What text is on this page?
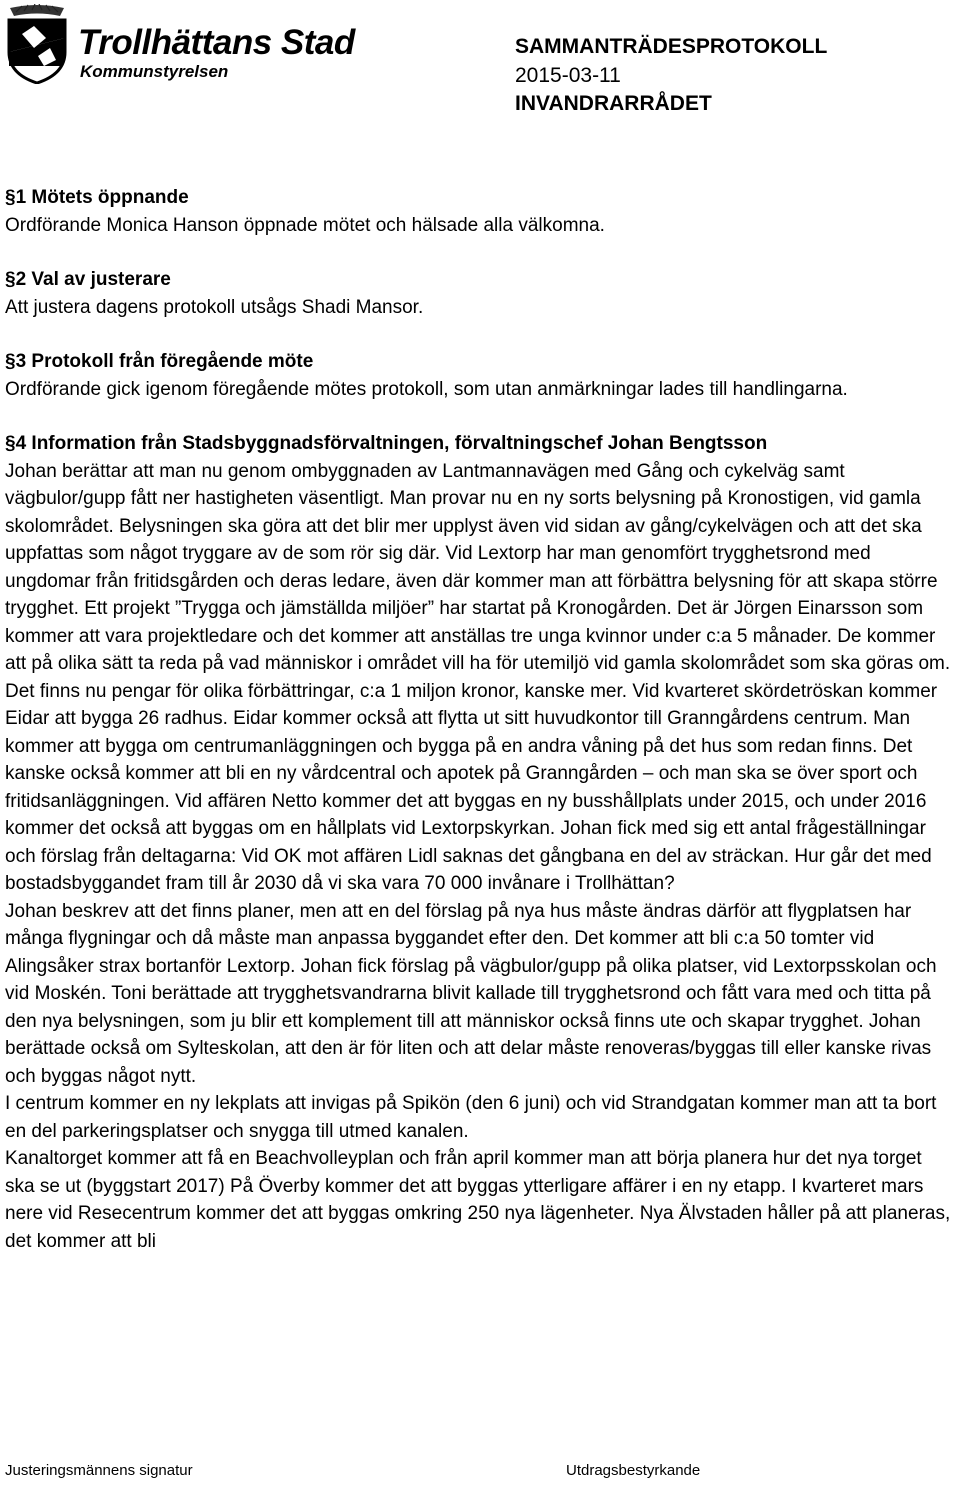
Trollhättans Stad
Kommunstyrelsen
SAMMANTRÄDESPROTOKOLL
2015-03-11
INVANDRARRÅDET
§1 Mötets öppnande

Ordförande Monica Hanson öppnade mötet och hälsade alla välkomna.

§2 Val av justerare

Att justera dagens protokoll utsågs Shadi Mansor.

§3 Protokoll från föregående möte

Ordförande gick igenom föregående mötes protokoll, som utan anmärkningar lades till handlingarna.

§4 Information från Stadsbyggnadsförvaltningen, förvaltningschef Johan Bengtsson

Johan berättar att man nu genom ombyggnaden av Lantmannavägen med Gång och cykelväg samt vägbulor/gupp fått ner hastigheten väsentligt. Man provar nu en ny sorts belysning på Kronostigen, vid gamla skolområdet. Belysningen ska göra att det blir mer upplyst även vid sidan av gång/cykelvägen och att det ska uppfattas som något tryggare av de som rör sig där. Vid Lextorp har man genomfört trygghetsrond med ungdomar från fritidsgården och deras ledare, även där kommer man att förbättra belysning för att skapa större trygghet. Ett projekt ”Trygga och jämställda miljöer” har startat på Kronogården. Det är Jörgen Einarsson som kommer att vara projektledare och det kommer att anställas tre unga kvinnor under c:a 5 månader. De kommer att på olika sätt ta reda på vad människor i området vill ha för utemiljö vid gamla skolområdet som ska göras om. Det finns nu pengar för olika förbättringar, c:a 1 miljon kronor, kanske mer. Vid kvarteret skördetröskan kommer Eidar att bygga 26 radhus. Eidar kommer också att flytta ut sitt huvudkontor till Granngårdens centrum. Man kommer att bygga om centrumanläggningen och bygga på en andra våning på det hus som redan finns. Det kanske också kommer att bli en ny vårdcentral och apotek på Granngården – och man ska se över sport och fritidsanläggningen. Vid affären Netto kommer det att byggas en ny busshållplats under 2015, och under 2016 kommer det också att byggas om en hållplats vid Lextorpskyrkan. Johan fick med sig ett antal frågeställningar och förslag från deltagarna: Vid OK mot affären Lidl saknas det gångbana en del av sträckan. Hur går det med bostadsbyggandet fram till år 2030 då vi ska vara 70 000 invånare i Trollhättan?

Johan beskrev att det finns planer, men att en del förslag på nya hus måste ändras därför att flygplatsen har många flygningar och då måste man anpassa byggandet efter den. Det kommer att bli c:a 50 tomter vid Alingsåker strax bortanför Lextorp. Johan fick förslag på vägbulor/gupp på olika platser, vid Lextorpsskolan och vid Moskén. Toni berättade att trygghetsvandrarna blivit kallade till trygghetsrond och fått vara med och titta på den nya belysningen, som ju blir ett komplement till att människor också finns ute och skapar trygghet. Johan berättade också om Sylteskolan, att den är för liten och att delar måste renoveras/byggas till eller kanske rivas och byggas något nytt.

I centrum kommer en ny lekplats att invigas på Spikön (den 6 juni) och vid Strandgatan kommer man att ta bort en del parkeringsplatser och snygga till utmed kanalen.

Kanaltorget kommer att få en Beachvolleyplan och från april kommer man att börja planera hur det nya torget ska se ut (byggstart 2017) På Överby kommer det att byggas ytterligare affärer i en ny etapp. I kvarteret mars nere vid Resecentrum kommer det att byggas omkring 250 nya lägenheter. Nya Älvstaden håller på att planeras, det kommer att bli

Justeringsmännens signatur	Utdragsbestyrkande
